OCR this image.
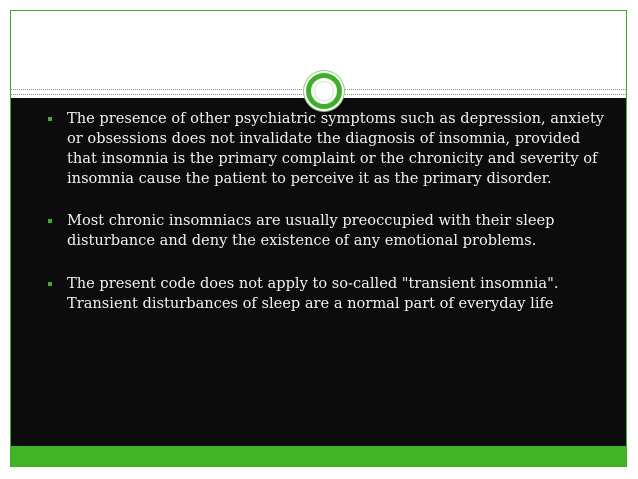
The presence of other psychiatric symptoms such as depression, anxiety or obsessions does not invalidate the diagnosis of insomnia, provided that insomnia is the primary complaint or the chronicity and severity of insomnia cause the patient to perceive it as the primary disorder.
Most chronic insomniacs are usually preoccupied with their sleep disturbance and deny the existence of any emotional problems.
The present code does not apply to so-called "transient insomnia". Transient disturbances of sleep are a normal part of everyday life
